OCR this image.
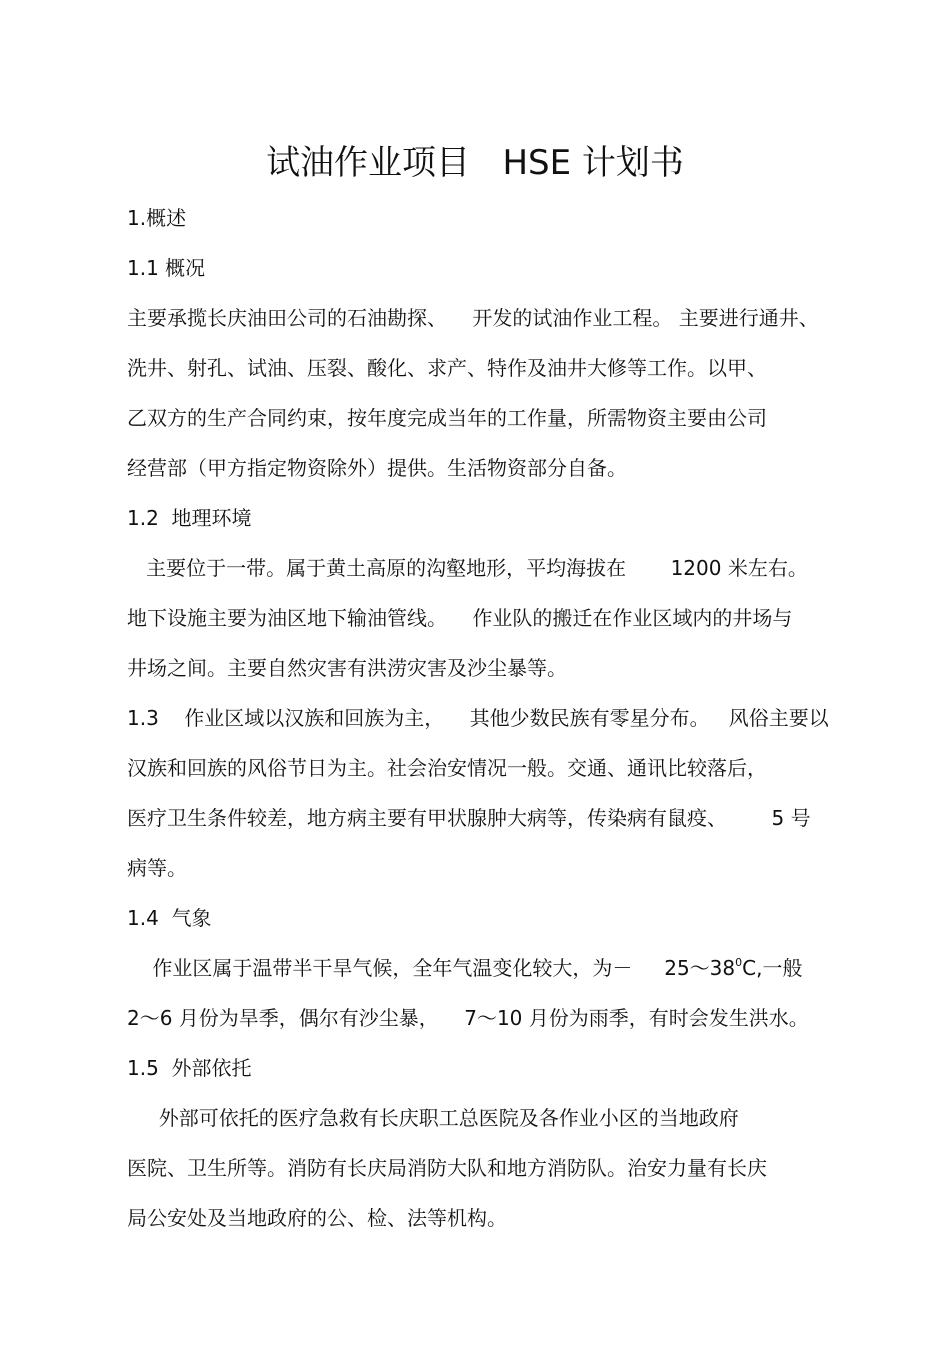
试油作业项目   HSE 计划书
1.概述
1.1 概况
主要承揽长庆油田公司的石油勘探、    开发的试油作业工程。 主要进行通井、
洗井、射孔、试油、压裂、酸化、求产、特作及油井大修等工作。以甲、
乙双方的生产合同约束，按年度完成当年的工作量，所需物资主要由公司
经营部（甲方指定物资除外）提供。生活物资部分自备。
1.2  地理环境
主要位于一带。属于黄土高原的沟壑地形，平均海拔在       1200 米左右。
地下设施主要为油区地下输油管线。    作业队的搬迁在作业区域内的井场与
井场之间。主要自然灾害有洪涝灾害及沙尘暴等。
1.3    作业区域以汉族和回族为主，    其他少数民族有零星分布。   风俗主要以
汉族和回族的风俗节日为主。社会治安情况一般。交通、通讯比较落后，
医疗卫生条件较差，地方病主要有甲状腺肿大病等，传染病有鼠疫、       5 号
病等。
1.4  气象
作业区属于温带半干旱气候，全年气温变化较大，为－     $25\sim 38^0C$,一般
2～6 月份为旱季，偶尔有沙尘暴，    7～10 月份为雨季，有时会发生洪水。
1.5  外部依托
外部可依托的医疗急救有长庆职工总医院及各作业小区的当地政府
医院、卫生所等。消防有长庆局消防大队和地方消防队。治安力量有长庆
局公安处及当地政府的公、检、法等机构。
